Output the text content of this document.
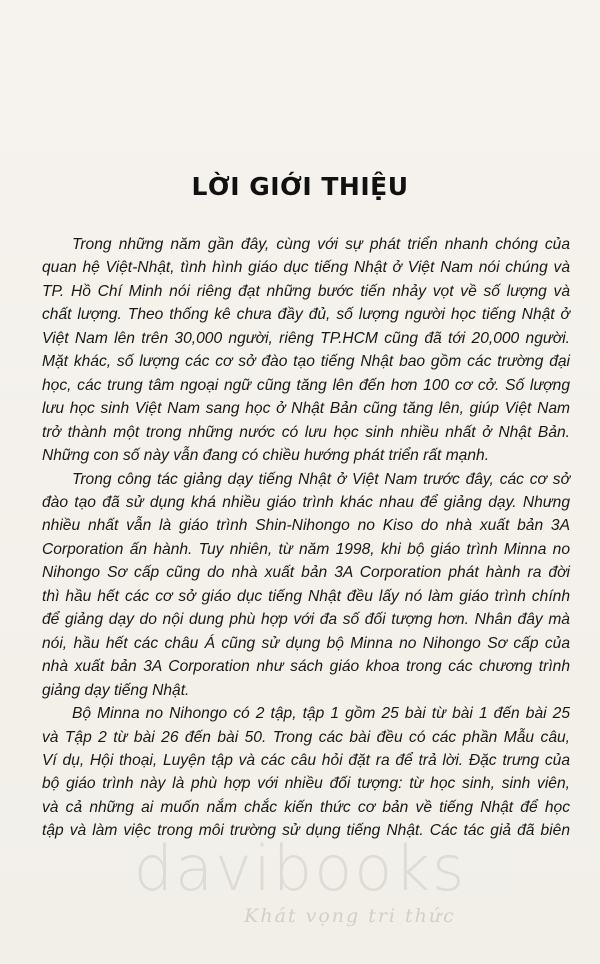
LỜI GIỚI THIỆU
Trong những năm gần đây, cùng với sự phát triển nhanh chóng của
quan hệ Việt-Nhật, tình hình giáo dục tiếng Nhật ở Việt Nam nói chúng và
TP. Hồ Chí Minh nói riêng đạt những bước tiến nhảy vọt về số lượng và
chất lượng. Theo thống kê chưa đầy đủ, số lượng người học tiếng Nhật ở
Việt Nam lên trên 30,000 người, riêng TP.HCM cũng đã tới 20,000 người.
Mặt khác, số lượng các cơ sở đào tạo tiếng Nhật bao gồm các trường đại
học, các trung tâm ngoại ngữ cũng tăng lên đến hơn 100 cơ cở. Số lượng
lưu học sinh Việt Nam sang học ở Nhật Bản cũng tăng lên, giúp Việt Nam
trở thành một trong những nước có lưu học sinh nhiều nhất ở Nhật Bản.
Những con số này vẫn đang có chiều hướng phát triển rất mạnh.
Trong công tác giảng dạy tiếng Nhật ở Việt Nam trước đây, các cơ sở
đào tạo đã sử dụng khá nhiều giáo trình khác nhau để giảng dạy. Nhưng
nhiều nhất vẫn là giáo trình Shin-Nihongo no Kiso do nhà xuất bản 3A
Corporation ấn hành. Tuy nhiên, từ năm 1998, khi bộ giáo trình Minna no
Nihongo Sơ cấp cũng do nhà xuất bản 3A Corporation phát hành ra đời
thì hầu hết các cơ sở giáo dục tiếng Nhật đều lấy nó làm giáo trình chính
để giảng dạy do nội dung phù hợp với đa số đối tượng hơn. Nhân đây mà
nói, hầu hết các châu Á cũng sử dụng bộ Minna no Nihongo Sơ cấp của
nhà xuất bản 3A Corporation như sách giáo khoa trong các chương trình
giảng dạy tiếng Nhật.
Bộ Minna no Nihongo có 2 tập, tập 1 gồm 25 bài từ bài 1 đến bài 25
và Tập 2 từ bài 26 đến bài 50. Trong các bài đều có các phần Mẫu câu,
Ví dụ, Hội thoại, Luyện tập và các câu hỏi đặt ra để trả lời. Đặc trưng của
bộ giáo trình này là phù hợp với nhiều đối tượng: từ học sinh, sinh viên,
và cả những ai muốn nắm chắc kiến thức cơ bản về tiếng Nhật để học
tập và làm việc trong môi trường sử dụng tiếng Nhật. Các tác giả đã biên
davibooks
Khát vọng tri thức
